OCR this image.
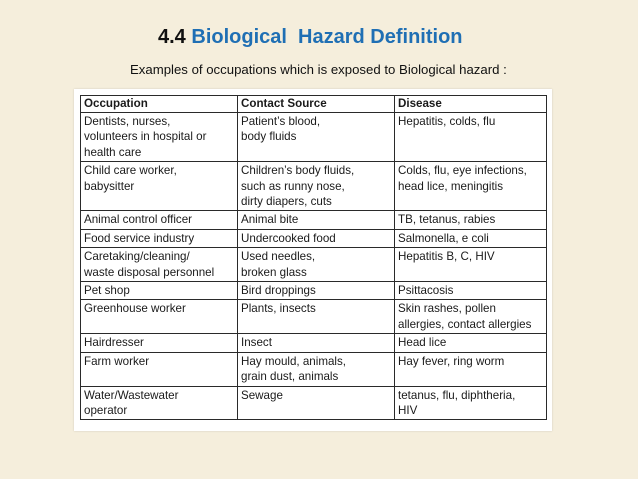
4.4 Biological  Hazard Definition
Examples of occupations which is exposed to Biological hazard :
Occupation	Contact Source	Disease
Dentists, nurses,
volunteers in hospital or
health care	Patient’s blood,
body fluids	Hepatitis, colds, flu
Child care worker,
babysitter	Children’s body fluids,
such as runny nose,
dirty diapers, cuts	Colds, flu, eye infections,
head lice, meningitis
Animal control officer	Animal bite	TB, tetanus, rabies
Food service industry	Undercooked food	Salmonella, e coli
Caretaking/cleaning/
waste disposal personnel	Used needles,
broken glass	Hepatitis B, C, HIV
Pet shop	Bird droppings	Psittacosis
Greenhouse worker	Plants, insects	Skin rashes, pollen
allergies, contact allergies
Hairdresser	Insect	Head lice
Farm worker	Hay mould, animals,
grain dust, animals	Hay fever, ring worm
Water/Wastewater
operator	Sewage	tetanus, flu, diphtheria,
HIV
